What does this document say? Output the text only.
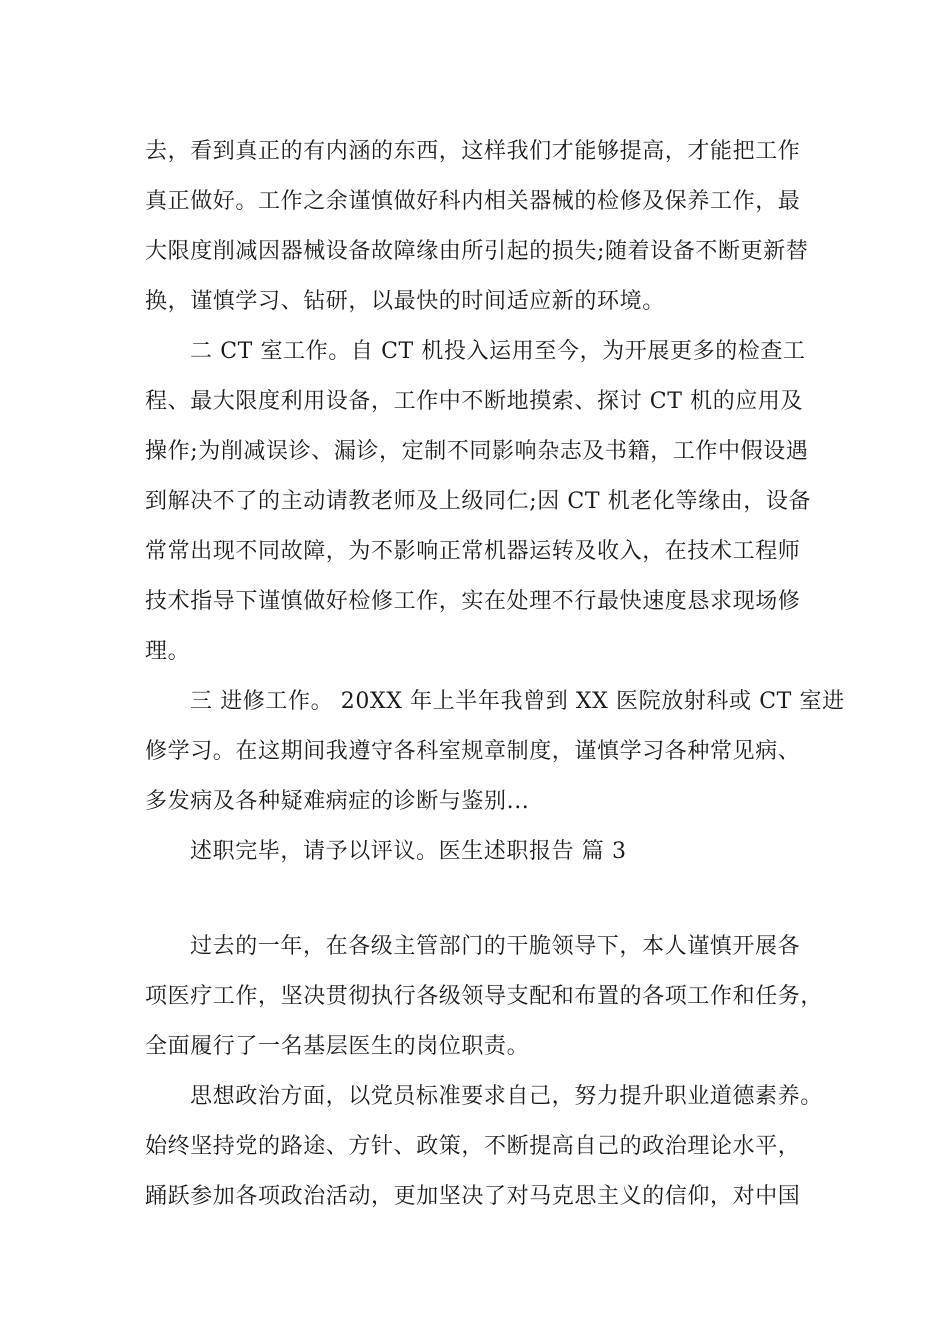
去，看到真正的有内涵的东西，这样我们才能够提高，才能把工作
真正做好。工作之余谨慎做好科内相关器械的检修及保养工作，最
大限度削减因器械设备故障缘由所引起的损失;随着设备不断更新替
换，谨慎学习、钻研，以最快的时间适应新的环境。
二 CT 室工作。自 CT 机投入运用至今，为开展更多的检查工
程、最大限度利用设备，工作中不断地摸索、探讨 CT 机的应用及
操作;为削减误诊、漏诊，定制不同影响杂志及书籍，工作中假设遇
到解决不了的主动请教老师及上级同仁;因 CT 机老化等缘由，设备
常常出现不同故障，为不影响正常机器运转及收入，在技术工程师
技术指导下谨慎做好检修工作，实在处理不行最快速度恳求现场修
理。
三 进修工作。 20XX 年上半年我曾到 XX 医院放射科或 CT 室进
修学习。在这期间我遵守各科室规章制度，谨慎学习各种常见病、
多发病及各种疑难病症的诊断与鉴别...
述职完毕，请予以评议。医生述职报告 篇 3
过去的一年，在各级主管部门的干脆领导下，本人谨慎开展各
项医疗工作，坚决贯彻执行各级领导支配和布置的各项工作和任务，
全面履行了一名基层医生的岗位职责。
思想政治方面，以党员标准要求自己，努力提升职业道德素养。
始终坚持党的路途、方针、政策，不断提高自己的政治理论水平，
踊跃参加各项政治活动，更加坚决了对马克思主义的信仰，对中国
